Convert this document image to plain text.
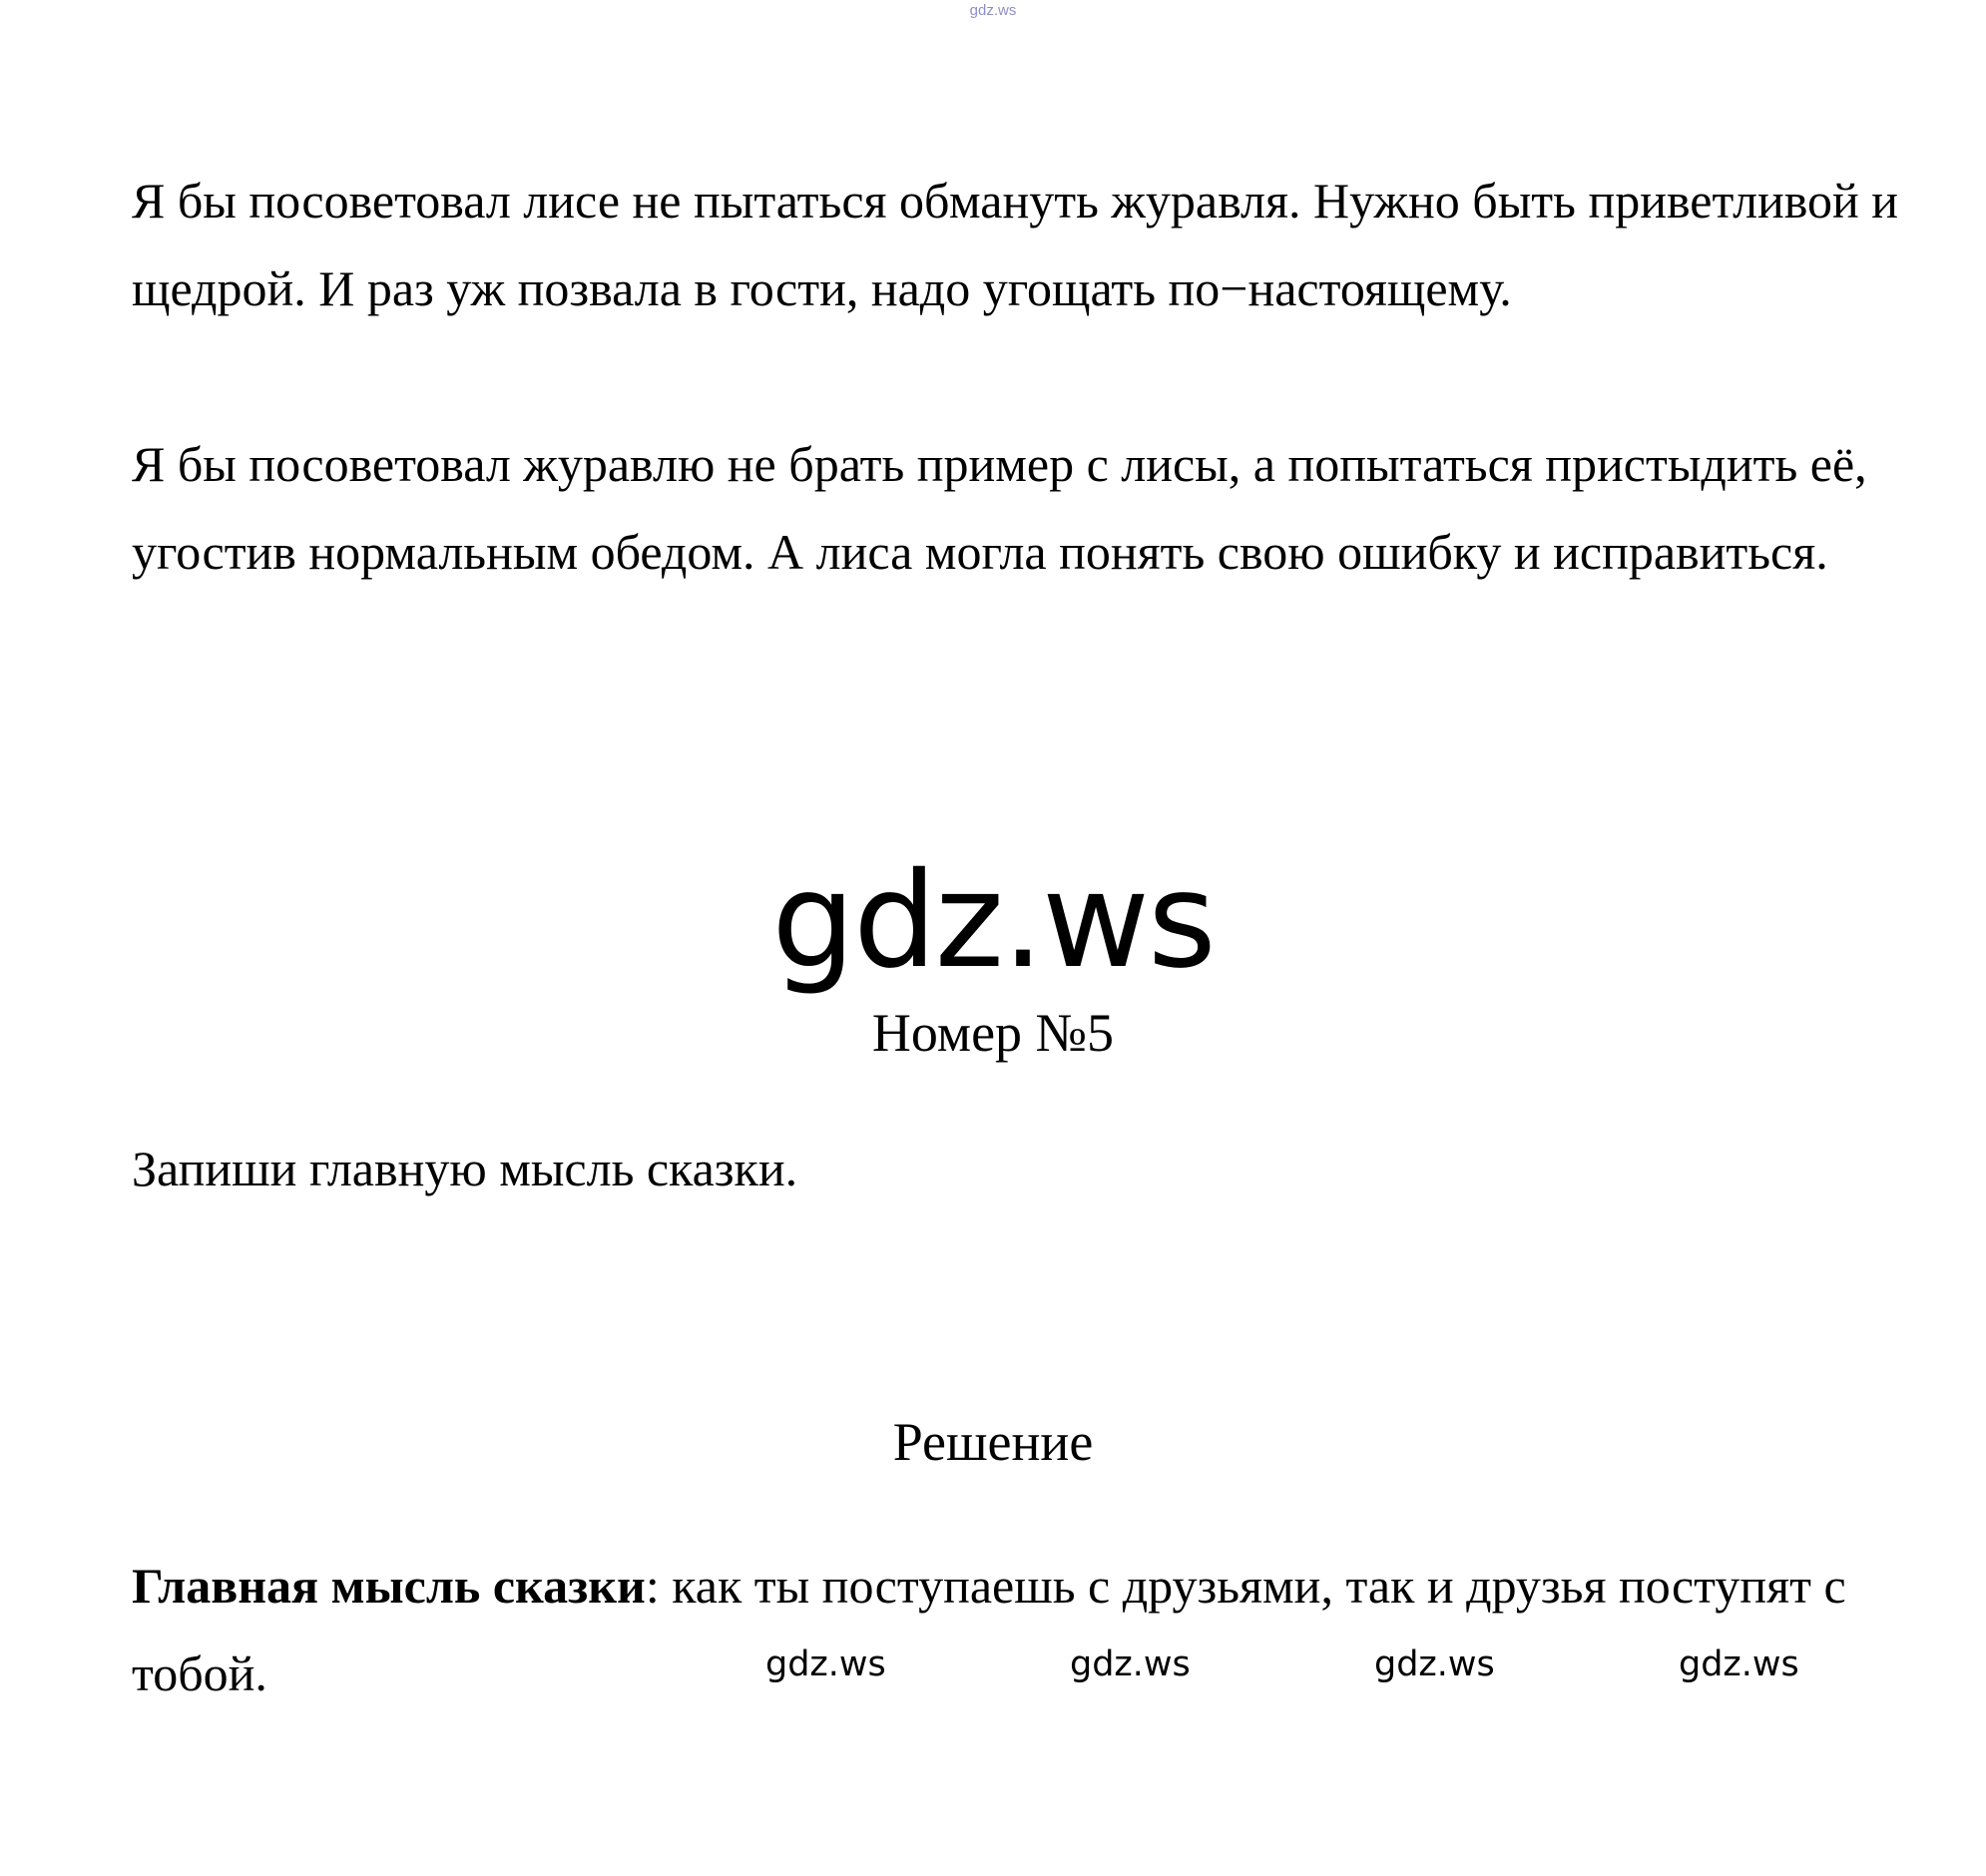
gdz.ws
Я бы посоветовал лисе не пытаться обмануть журавля. Нужно быть приветливой и щедрой. И раз уж позвала в гости, надо угощать по−настоящему.
Я бы посоветовал журавлю не брать пример с лисы, а попытаться пристыдить её, угостив нормальным обедом. А лиса могла понять свою ошибку и исправиться.
gdz.ws
Номер №5
Запиши главную мысль сказки.
Решение
Главная мысль сказки: как ты поступаешь с друзьями, так и друзья поступят с тобой.	gdz.ws	gdz.ws	gdz.ws	gdz.ws
